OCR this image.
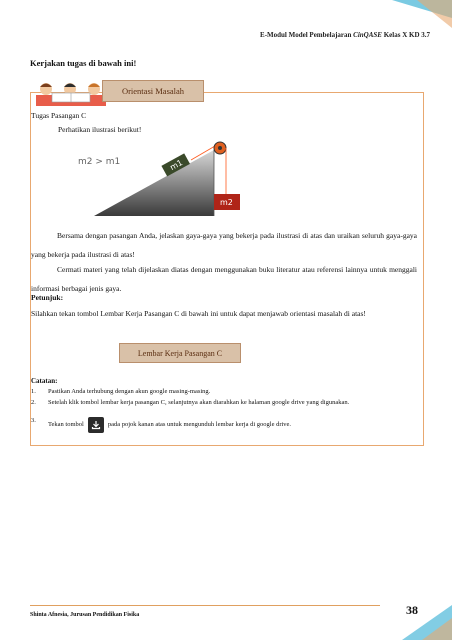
E-Modul Model Pembelajaran CinQASE Kelas X KD 3.7
Kerjakan tugas di bawah ini!
Orientasi Masalah
Tugas Pasangan C
Perhatikan ilustrasi berikut!
m1
m2
m2 > m1
Bersama dengan pasangan Anda, jelaskan gaya-gaya yang bekerja pada ilustrasi di atas dan uraikan seluruh gaya-gaya yang bekerja pada ilustrasi di atas!
Cermati materi yang telah dijelaskan diatas dengan menggunakan buku literatur atau referensi lainnya untuk menggali informasi berbagai jenis gaya.
Petunjuk:
Silahkan tekan tombol Lembar Kerja Pasangan C di bawah ini untuk dapat menjawab orientasi masalah di atas!
Lembar Kerja Pasangan C
Catatan:
1. Pastikan Anda terhubung dengan akun google masing-masing.
2. Setelah klik tombol lembar kerja pasangan C, selanjutnya akan diarahkan ke halaman google drive yang digunakan.
3.
Tekan tombol	pada pojok kanan atas untuk mengunduh lembar kerja di google drive.
Shinta Afnesia, Jurusan Pendidikan Fisika	38
